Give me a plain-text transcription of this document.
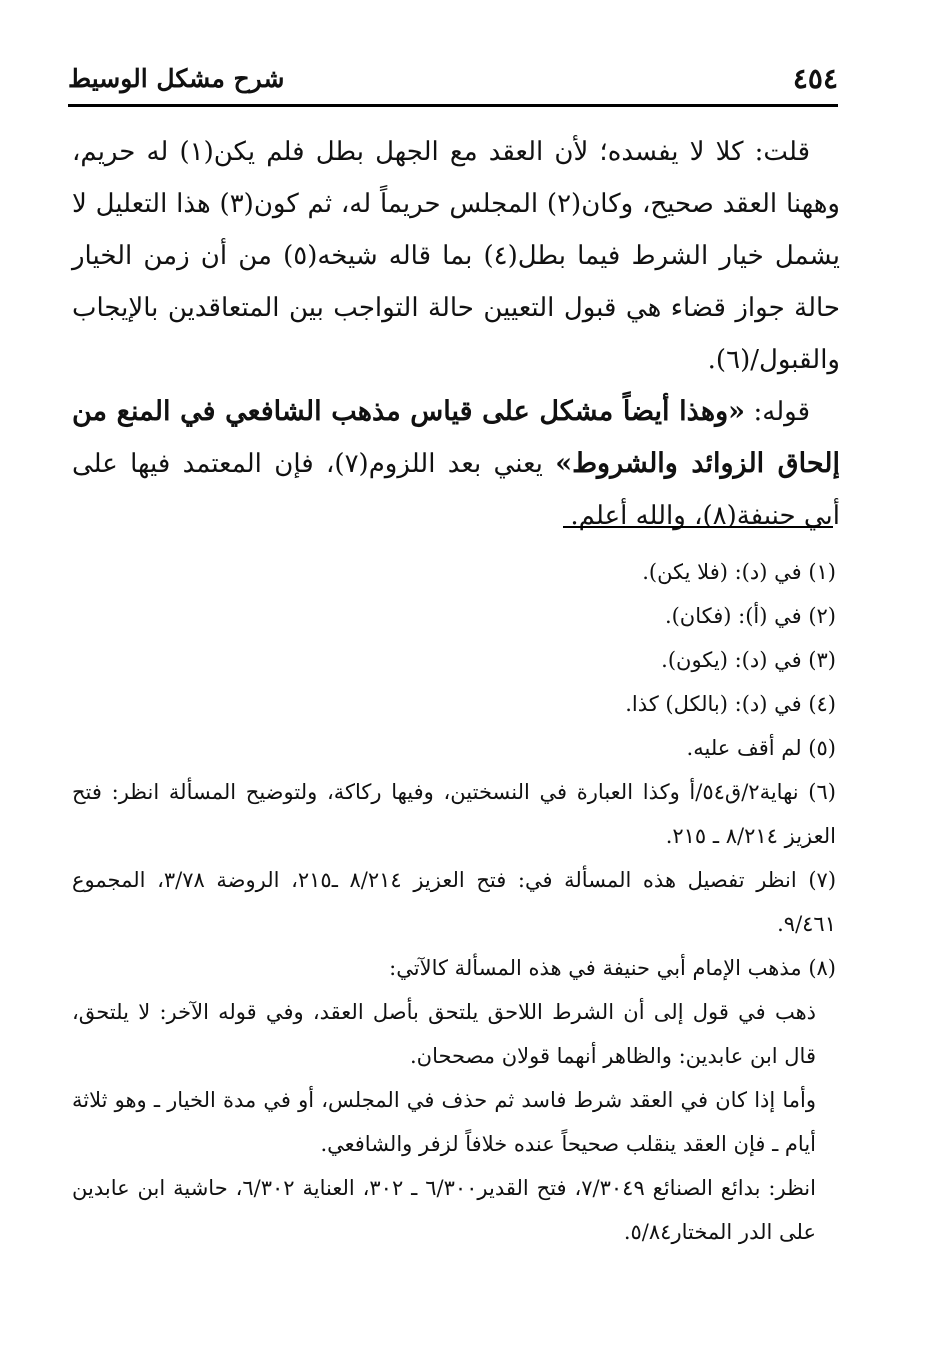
٤٥٤
شرح مشكل الوسيط

قلت: كلا لا يفسده؛ لأن العقد مع الجهل بطل فلم يكن(١) له حريم، وههنا العقد صحيح، وكان(٢) المجلس حريماً له، ثم كون(٣) هذا التعليل لا يشمل خيار الشرط فيما بطل(٤) بما قاله شيخه(٥) من أن زمن الخيار حالة جواز قضاء هي قبول التعيين حالة التواجب بين المتعاقدين بالإيجاب والقبول/(٦).

قوله: «وهذا أيضاً مشكل على قياس مذهب الشافعي في المنع من إلحاق الزوائد والشروط» يعني بعد اللزوم(٧)، فإن المعتمد فيها على أبي حنيفة(٨)، والله أعلم.

(١) في (د): (فلا يكن).

(٢) في (أ): (فكان).

(٣) في (د): (يكون).

(٤) في (د): (بالكل) كذا.

(٥) لم أقف عليه.

(٦) نهاية٢/ق٥٤/أ وكذا العبارة في النسختين، وفيها ركاكة، ولتوضيح المسألة انظر: فتح العزيز ٨/٢١٤ ـ ٢١٥.

(٧) انظر تفصيل هذه المسألة في: فتح العزيز ٨/٢١٤ ـ٢١٥، الروضة ٣/٧٨، المجموع ٩/٤٦١.

(٨) مذهب الإمام أبي حنيفة في هذه المسألة كالآتي:

ذهب في قول إلى أن الشرط اللاحق يلتحق بأصل العقد، وفي قوله الآخر: لا يلتحق، قال ابن عابدين: والظاهر أنهما قولان مصححان.

وأما إذا كان في العقد شرط فاسد ثم حذف في المجلس، أو في مدة الخيار ـ وهو ثلاثة أيام ـ فإن العقد ينقلب صحيحاً عنده خلافاً لزفر والشافعي.

انظر: بدائع الصنائع ٧/٣٠٤٩، فتح القدير٦/٣٠٠ ـ ٣٠٢، العناية ٦/٣٠٢، حاشية ابن عابدين على الدر المختار٥/٨٤.
